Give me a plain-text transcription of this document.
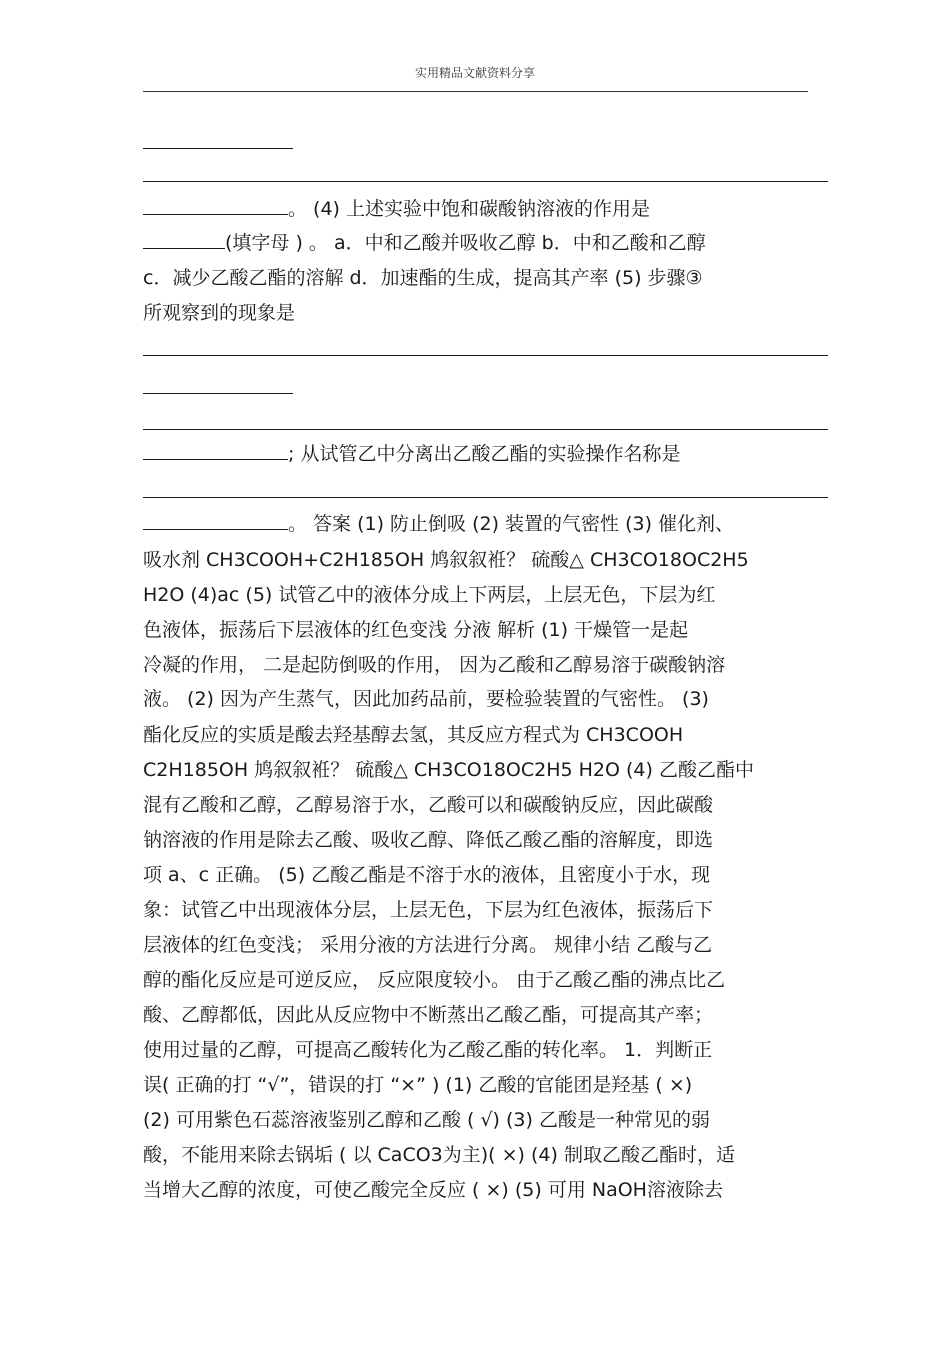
实用精品文献资料分享
。 (4) 上述实验中饱和碳酸钠溶液的作用是
(填字母 ) 。 a．中和乙酸并吸收乙醇 b．中和乙酸和乙醇
c．减少乙酸乙酯的溶解 d．加速酯的生成，提高其产率 (5) 步骤③
所观察到的现象是
; 从试管乙中分离出乙酸乙酯的实验操作名称是
。 答案 (1) 防止倒吸 (2) 装置的气密性 (3) 催化剂、
吸水剂 CH3COOH+C2H185OH 鸠叙叙袵？ 硫酸△ CH3CO18OC2H5
H2O (4)ac (5) 试管乙中的液体分成上下两层，上层无色，下层为红
色液体，振荡后下层液体的红色变浅 分液 解析 (1) 干燥管一是起
冷凝的作用， 二是起防倒吸的作用， 因为乙酸和乙醇易溶于碳酸钠溶
液。 (2) 因为产生蒸气，因此加药品前，要检验装置的气密性。 (3)
酯化反应的实质是酸去羟基醇去氢，其反应方程式为 CH3COOH
C2H185OH 鸠叙叙袵？ 硫酸△ CH3CO18OC2H5 H2O (4) 乙酸乙酯中
混有乙酸和乙醇，乙醇易溶于水，乙酸可以和碳酸钠反应，因此碳酸
钠溶液的作用是除去乙酸、吸收乙醇、降低乙酸乙酯的溶解度，即选
项 a、c 正确。 (5) 乙酸乙酯是不溶于水的液体，且密度小于水，现
象：试管乙中出现液体分层，上层无色，下层为红色液体，振荡后下
层液体的红色变浅； 采用分液的方法进行分离。 规律小结 乙酸与乙
醇的酯化反应是可逆反应， 反应限度较小。 由于乙酸乙酯的沸点比乙
酸、乙醇都低，因此从反应物中不断蒸出乙酸乙酯，可提高其产率；
使用过量的乙醇，可提高乙酸转化为乙酸乙酯的转化率。 1．判断正
误( 正确的打 “√”，错误的打 “×” ) (1) 乙酸的官能团是羟基 ( ×)
(2) 可用紫色石蕊溶液鉴别乙醇和乙酸 ( √) (3) 乙酸是一种常见的弱
酸，不能用来除去锅垢 ( 以 CaCO3为主)( ×) (4) 制取乙酸乙酯时，适
当增大乙醇的浓度，可使乙酸完全反应 ( ×) (5) 可用 NaOH溶液除去
